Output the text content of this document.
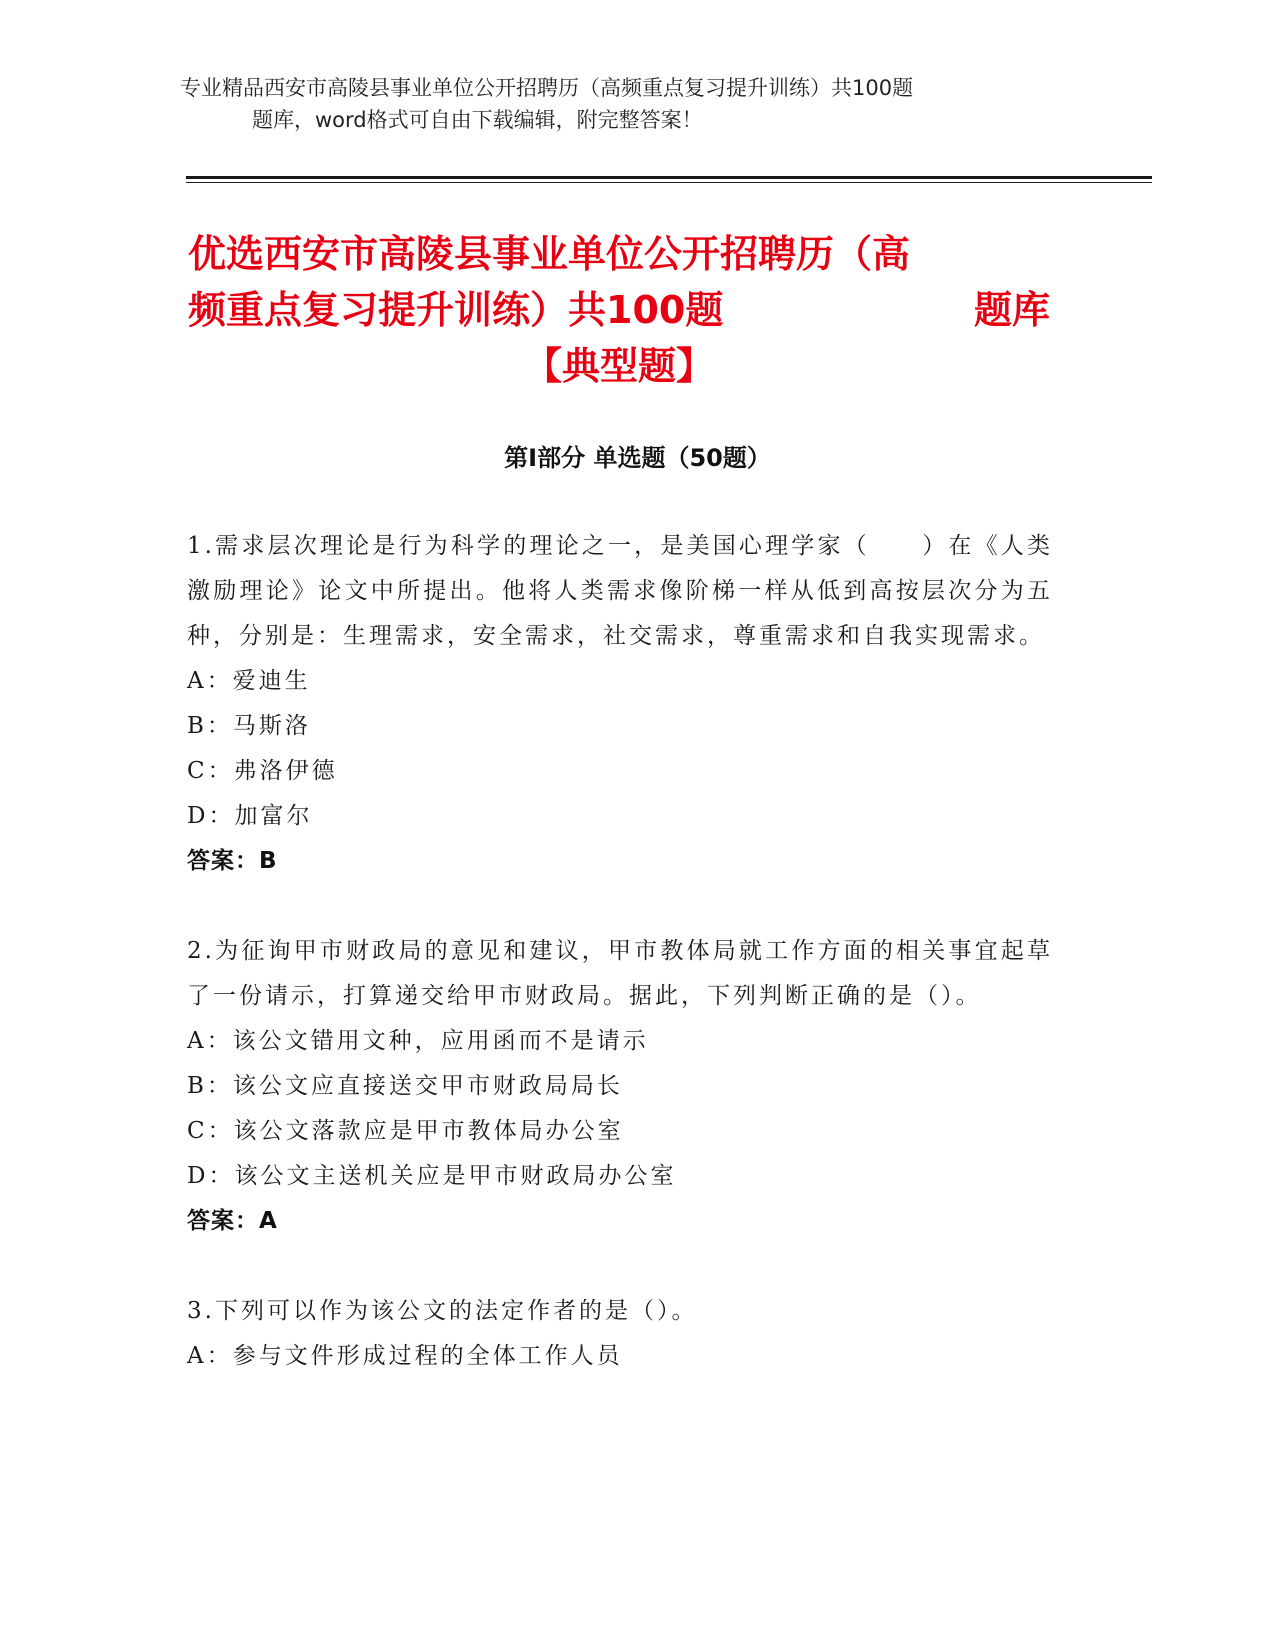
专业精品西安市高陵县事业单位公开招聘历（高频重点复习提升训练）共100题
题库，word格式可自由下载编辑，附完整答案！
优选西安市高陵县事业单位公开招聘历（高
频重点复习提升训练）共100题	题库
【典型题】
第Ⅰ部分 单选题（50题）
1.需求层次理论是行为科学的理论之一，是美国心理学家（　　）在《人类激励理论》论文中所提出。他将人类需求像阶梯一样从低到高按层次分为五种，分别是：生理需求，安全需求，社交需求，尊重需求和自我实现需求。
A：爱迪生
B：马斯洛
C：弗洛伊德
D：加富尔
答案：B
2.为征询甲市财政局的意见和建议，甲市教体局就工作方面的相关事宜起草了一份请示，打算递交给甲市财政局。据此，下列判断正确的是（）。
A：该公文错用文种，应用函而不是请示
B：该公文应直接送交甲市财政局局长
C：该公文落款应是甲市教体局办公室
D：该公文主送机关应是甲市财政局办公室
答案：A
3.下列可以作为该公文的法定作者的是（）。
A：参与文件形成过程的全体工作人员
